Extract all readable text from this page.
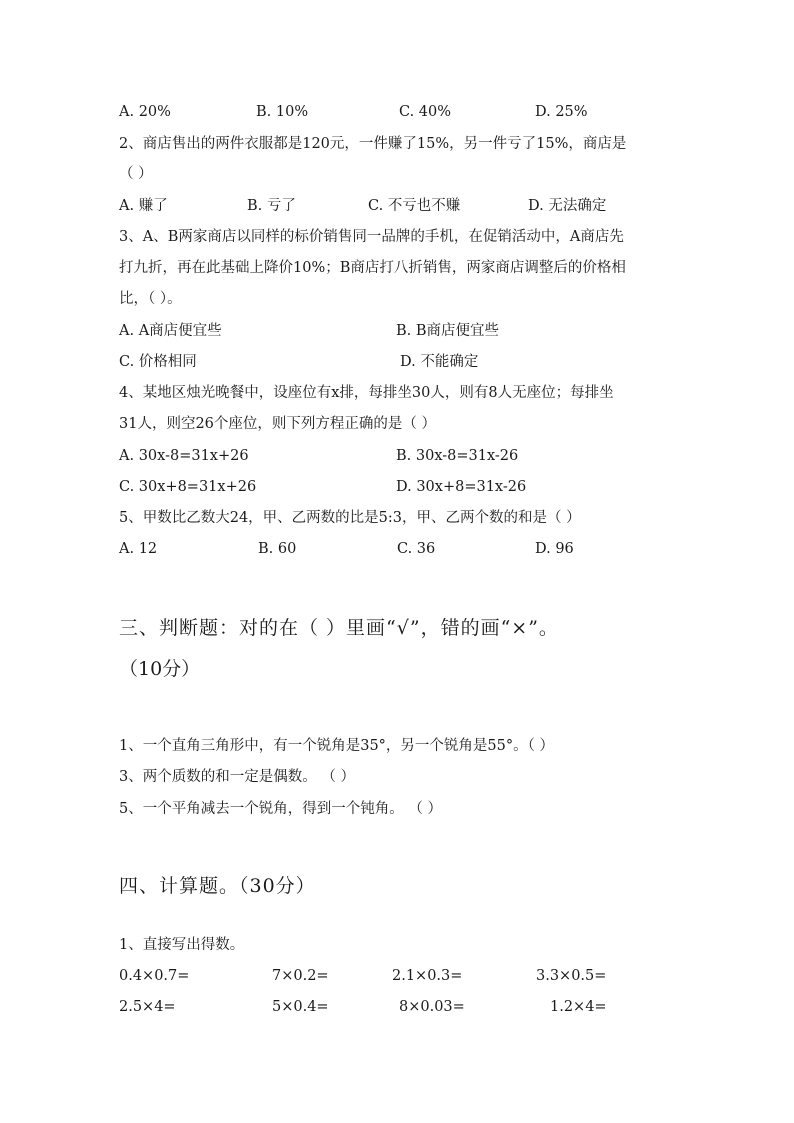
A. 20%	B. 10%	C. 40%	D. 25%
2、商店售出的两件衣服都是120元，一件赚了15%，另一件亏了15%，商店是
（ ）
A. 赚了	B. 亏了	C. 不亏也不赚	D. 无法确定
3、A、B两家商店以同样的标价销售同一品牌的手机，在促销活动中，A商店先
打九折，再在此基础上降价10%；B商店打八折销售，两家商店调整后的价格相
比，（ ）。
A. A商店便宜些	B. B商店便宜些
C. 价格相同	D. 不能确定
4、某地区烛光晚餐中，设座位有x排，每排坐30人，则有8人无座位；每排坐
31人，则空26个座位，则下列方程正确的是（ ）
A. 30x-8=31x+26	B. 30x-8=31x-26
C. 30x+8=31x+26	D. 30x+8=31x-26
5、甲数比乙数大24，甲、乙两数的比是5:3，甲、乙两个数的和是（ ）
A. 12	B. 60	C. 36	D. 96
三、判断题：对的在（ ）里画“√”，错的画“×”。
（10分）
1、一个直角三角形中，有一个锐角是35°，另一个锐角是55°。（ ）
3、两个质数的和一定是偶数。 （ ）
5、一个平角减去一个锐角，得到一个钝角。 （ ）
四、计算题。（30分）
1、直接写出得数。
0.4×0.7=	7×0.2=	2.1×0.3=	3.3×0.5=
2.5×4=	5×0.4=	8×0.03=	1.2×4=
